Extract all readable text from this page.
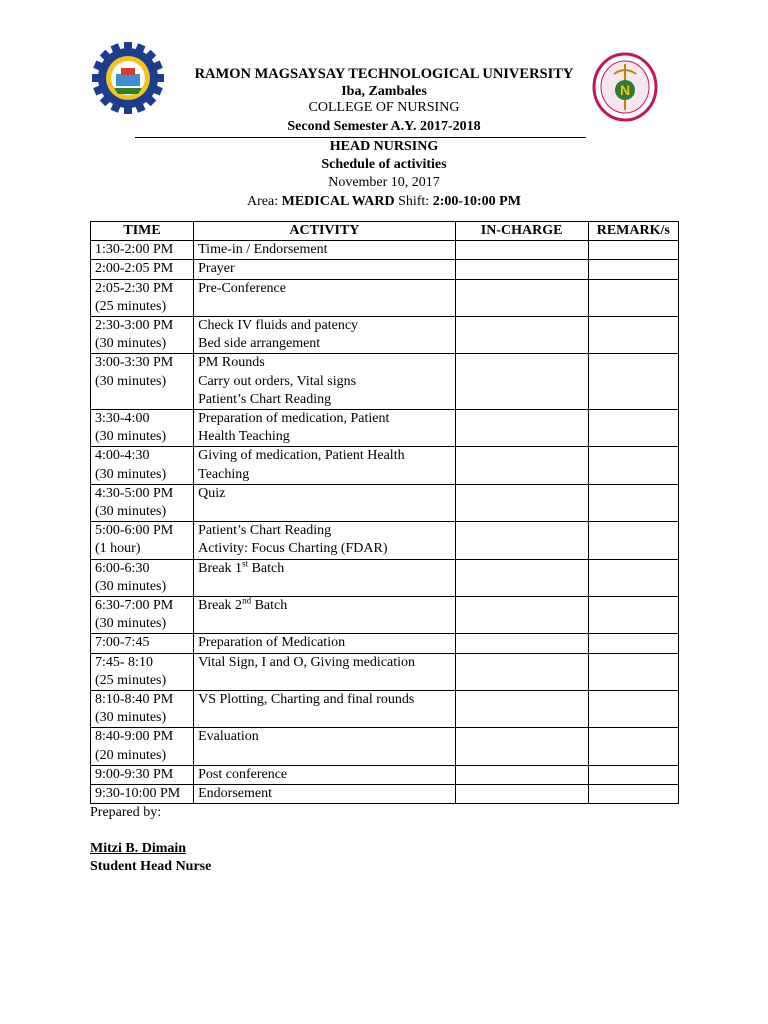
N
RAMON MAGSAYSAY TECHNOLOGICAL UNIVERSITY
Iba, Zambales
COLLEGE OF NURSING
Second Semester A.Y. 2017-2018
HEAD NURSING
Schedule of activities
November 10, 2017
Area: MEDICAL WARD Shift: 2:00-10:00 PM
TIME	ACTIVITY	IN-CHARGE	REMARK/s

1:30-2:00 PM	Time-in / Endorsement		

2:00-2:05 PM	Prayer		

2:05-2:30 PM
(25 minutes)	Pre-Conference		

2:30-3:00 PM
(30 minutes)	Check IV fluids and patency
Bed side arrangement		

3:00-3:30 PM
(30 minutes)	PM Rounds
Carry out orders, Vital signs
Patient’s Chart Reading		

3:30-4:00
(30 minutes)	Preparation of medication, Patient
Health Teaching		

4:00-4:30
(30 minutes)	Giving of medication, Patient Health
Teaching		

4:30-5:00 PM
(30 minutes)	Quiz		

5:00-6:00 PM
(1 hour)	Patient’s Chart Reading
Activity: Focus Charting (FDAR)		

6:00-6:30
(30 minutes)	Break 1st Batch		

6:30-7:00 PM
(30 minutes)	Break 2nd Batch		

7:00-7:45	Preparation of Medication		

7:45- 8:10
(25 minutes)	Vital Sign, I and O, Giving medication		

8:10-8:40 PM
(30 minutes)	VS Plotting, Charting and final rounds		

8:40-9:00 PM
(20 minutes)	Evaluation		

9:00-9:30 PM	Post conference		

9:30-10:00 PM	Endorsement		

Prepared by:
Mitzi B. Dimain
Student Head Nurse
